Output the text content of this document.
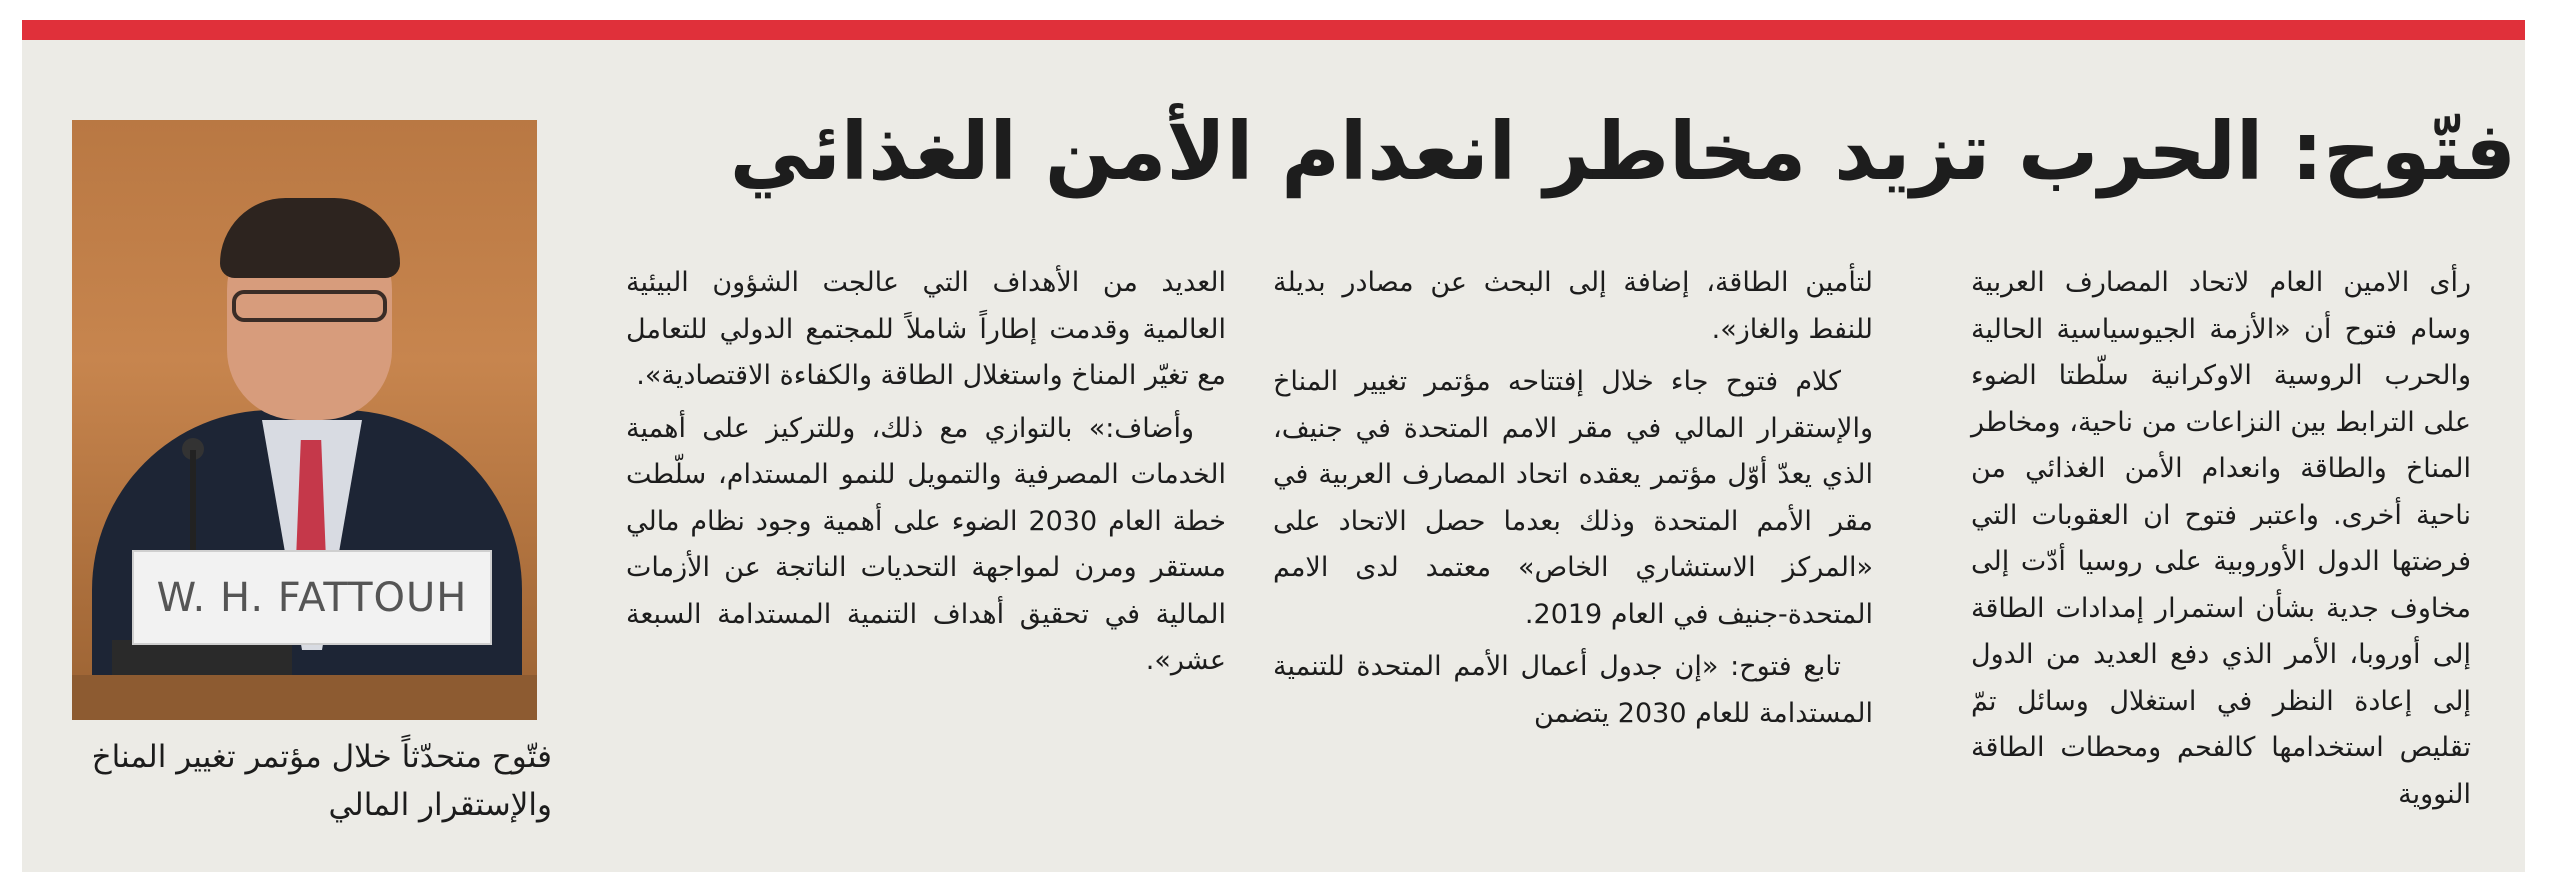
فتّوح: الحرب تزيد مخاطر انعدام الأمن الغذائي

رأى الامين العام لاتحاد المصارف العربية وسام فتوح أن «الأزمة الجيوسياسية الحالية والحرب الروسية الاوكرانية سلّطتا الضوء على الترابط بين النزاعات من ناحية، ومخاطر المناخ والطاقة وانعدام الأمن الغذائي من ناحية أخرى. واعتبر فتوح ان العقوبات التي فرضتها الدول الأوروبية على روسيا أدّت إلى مخاوف جدية بشأن استمرار إمدادات الطاقة إلى أوروبا، الأمر الذي دفع العديد من الدول إلى إعادة النظر في استغلال وسائل تمّ تقليص استخدامها كالفحم ومحطات الطاقة النووية

لتأمين الطاقة، إضافة إلى البحث عن مصادر بديلة للنفط والغاز».

كلام فتوح جاء خلال إفتتاحه مؤتمر تغيير المناخ والإستقرار المالي في مقر الامم المتحدة في جنيف، الذي يعدّ أوّل مؤتمر يعقده اتحاد المصارف العربية في مقر الأمم المتحدة وذلك بعدما حصل الاتحاد على «المركز الاستشاري الخاص» معتمد لدى الامم المتحدة-جنيف في العام 2019.

تابع فتوح: «إن جدول أعمال الأمم المتحدة للتنمية المستدامة للعام 2030 يتضمن

العديد من الأهداف التي عالجت الشؤون البيئية العالمية وقدمت إطاراً شاملاً للمجتمع الدولي للتعامل مع تغيّر المناخ واستغلال الطاقة والكفاءة الاقتصادية».

وأضاف:» بالتوازي مع ذلك، وللتركيز على أهمية الخدمات المصرفية والتمويل للنمو المستدام، سلّطت خطة العام 2030 الضوء على أهمية وجود نظام مالي مستقر ومرن لمواجهة التحديات الناتجة عن الأزمات المالية في تحقيق أهداف التنمية المستدامة السبعة عشر».

W. H. FATTOUH

فتّوح متحدّثاً خلال مؤتمر تغيير المناخ والإستقرار المالي
